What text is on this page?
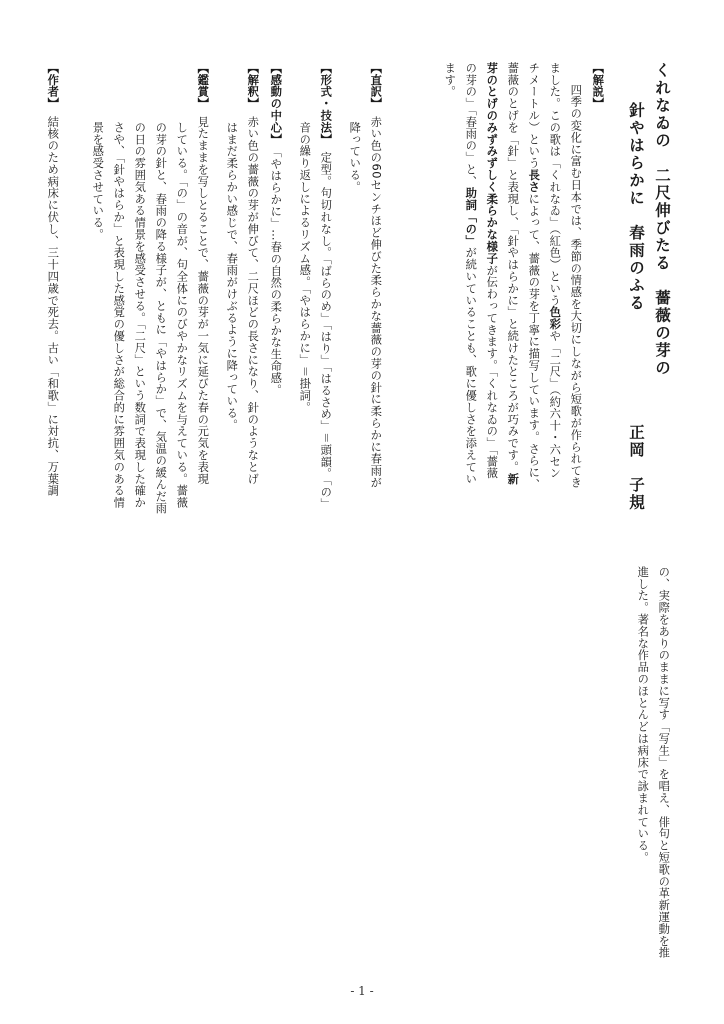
くれなゐの　二尺伸びたる　薔薇の芽の
針やはらかに　春雨のふる
正岡　子規
【解説】
　四季の変化に富む日本では、季節の情感を大切にしながら短歌が作られてき
ました。この歌は「くれなゐ」（紅色）という色彩や「二尺」（約六十・六セン
チメートル）という長さによって、薔薇の芽を丁寧に描写しています。さらに、
薔薇のとげを「針」と表現し、「針やはらかに」と続けたところが巧みです。新
芽のとげのみずみずしく柔らかな様子が伝わってきます。「くれなゐの」「薔薇
の芽の」「春雨の」と、助詞「の」が続いていることも、歌に優しさを添えてい
ます。
【直訳】　赤い色の60センチほど伸びた柔らかな薔薇の芽の針に柔らかに春雨が
　　　　　降っている。
【形式・技法】　定型。句切れなし。「ばらのめ」「はり」「はるさめ」＝頭韻。「の」
　　　　　音の繰り返しによるリズム感。「やはらかに」＝掛詞。
【感動の中心】　「やはらかに」…春の自然の柔らかな生命感。
【解釈】　赤い色の薔薇の芽が伸びて、二尺ほどの長さになり、針のようなとげ
　　　　　はまだ柔らかい感じで、春雨がけぶるように降っている。
【鑑賞】　見たままを写しとることで、薔薇の芽が一気に延びた春の元気を表現
　　　　　している。「の」の音が、句全体にのびやかなリズムを与えている。薔薇
　　　　　の芽の針と、春雨の降る様子が、ともに「やはらか」で、気温の緩んだ雨
　　　　　の日の雰囲気ある情景を感受させる。「二尺」という数詞で表現した確か
　　　　　さや、「針やはらか」と表現した感覚の優しさが総合的に雰囲気のある情
　　　　　景を感受させている。
【作者】　結核のため病床に伏し、三十四歳で死去。古い「和歌」に対抗、万葉調
の、実際をありのままに写す「写生」を唱え、俳句と短歌の革新運動を推
進した。著名な作品のほとんどは病床で詠まれている。
- 1 -
